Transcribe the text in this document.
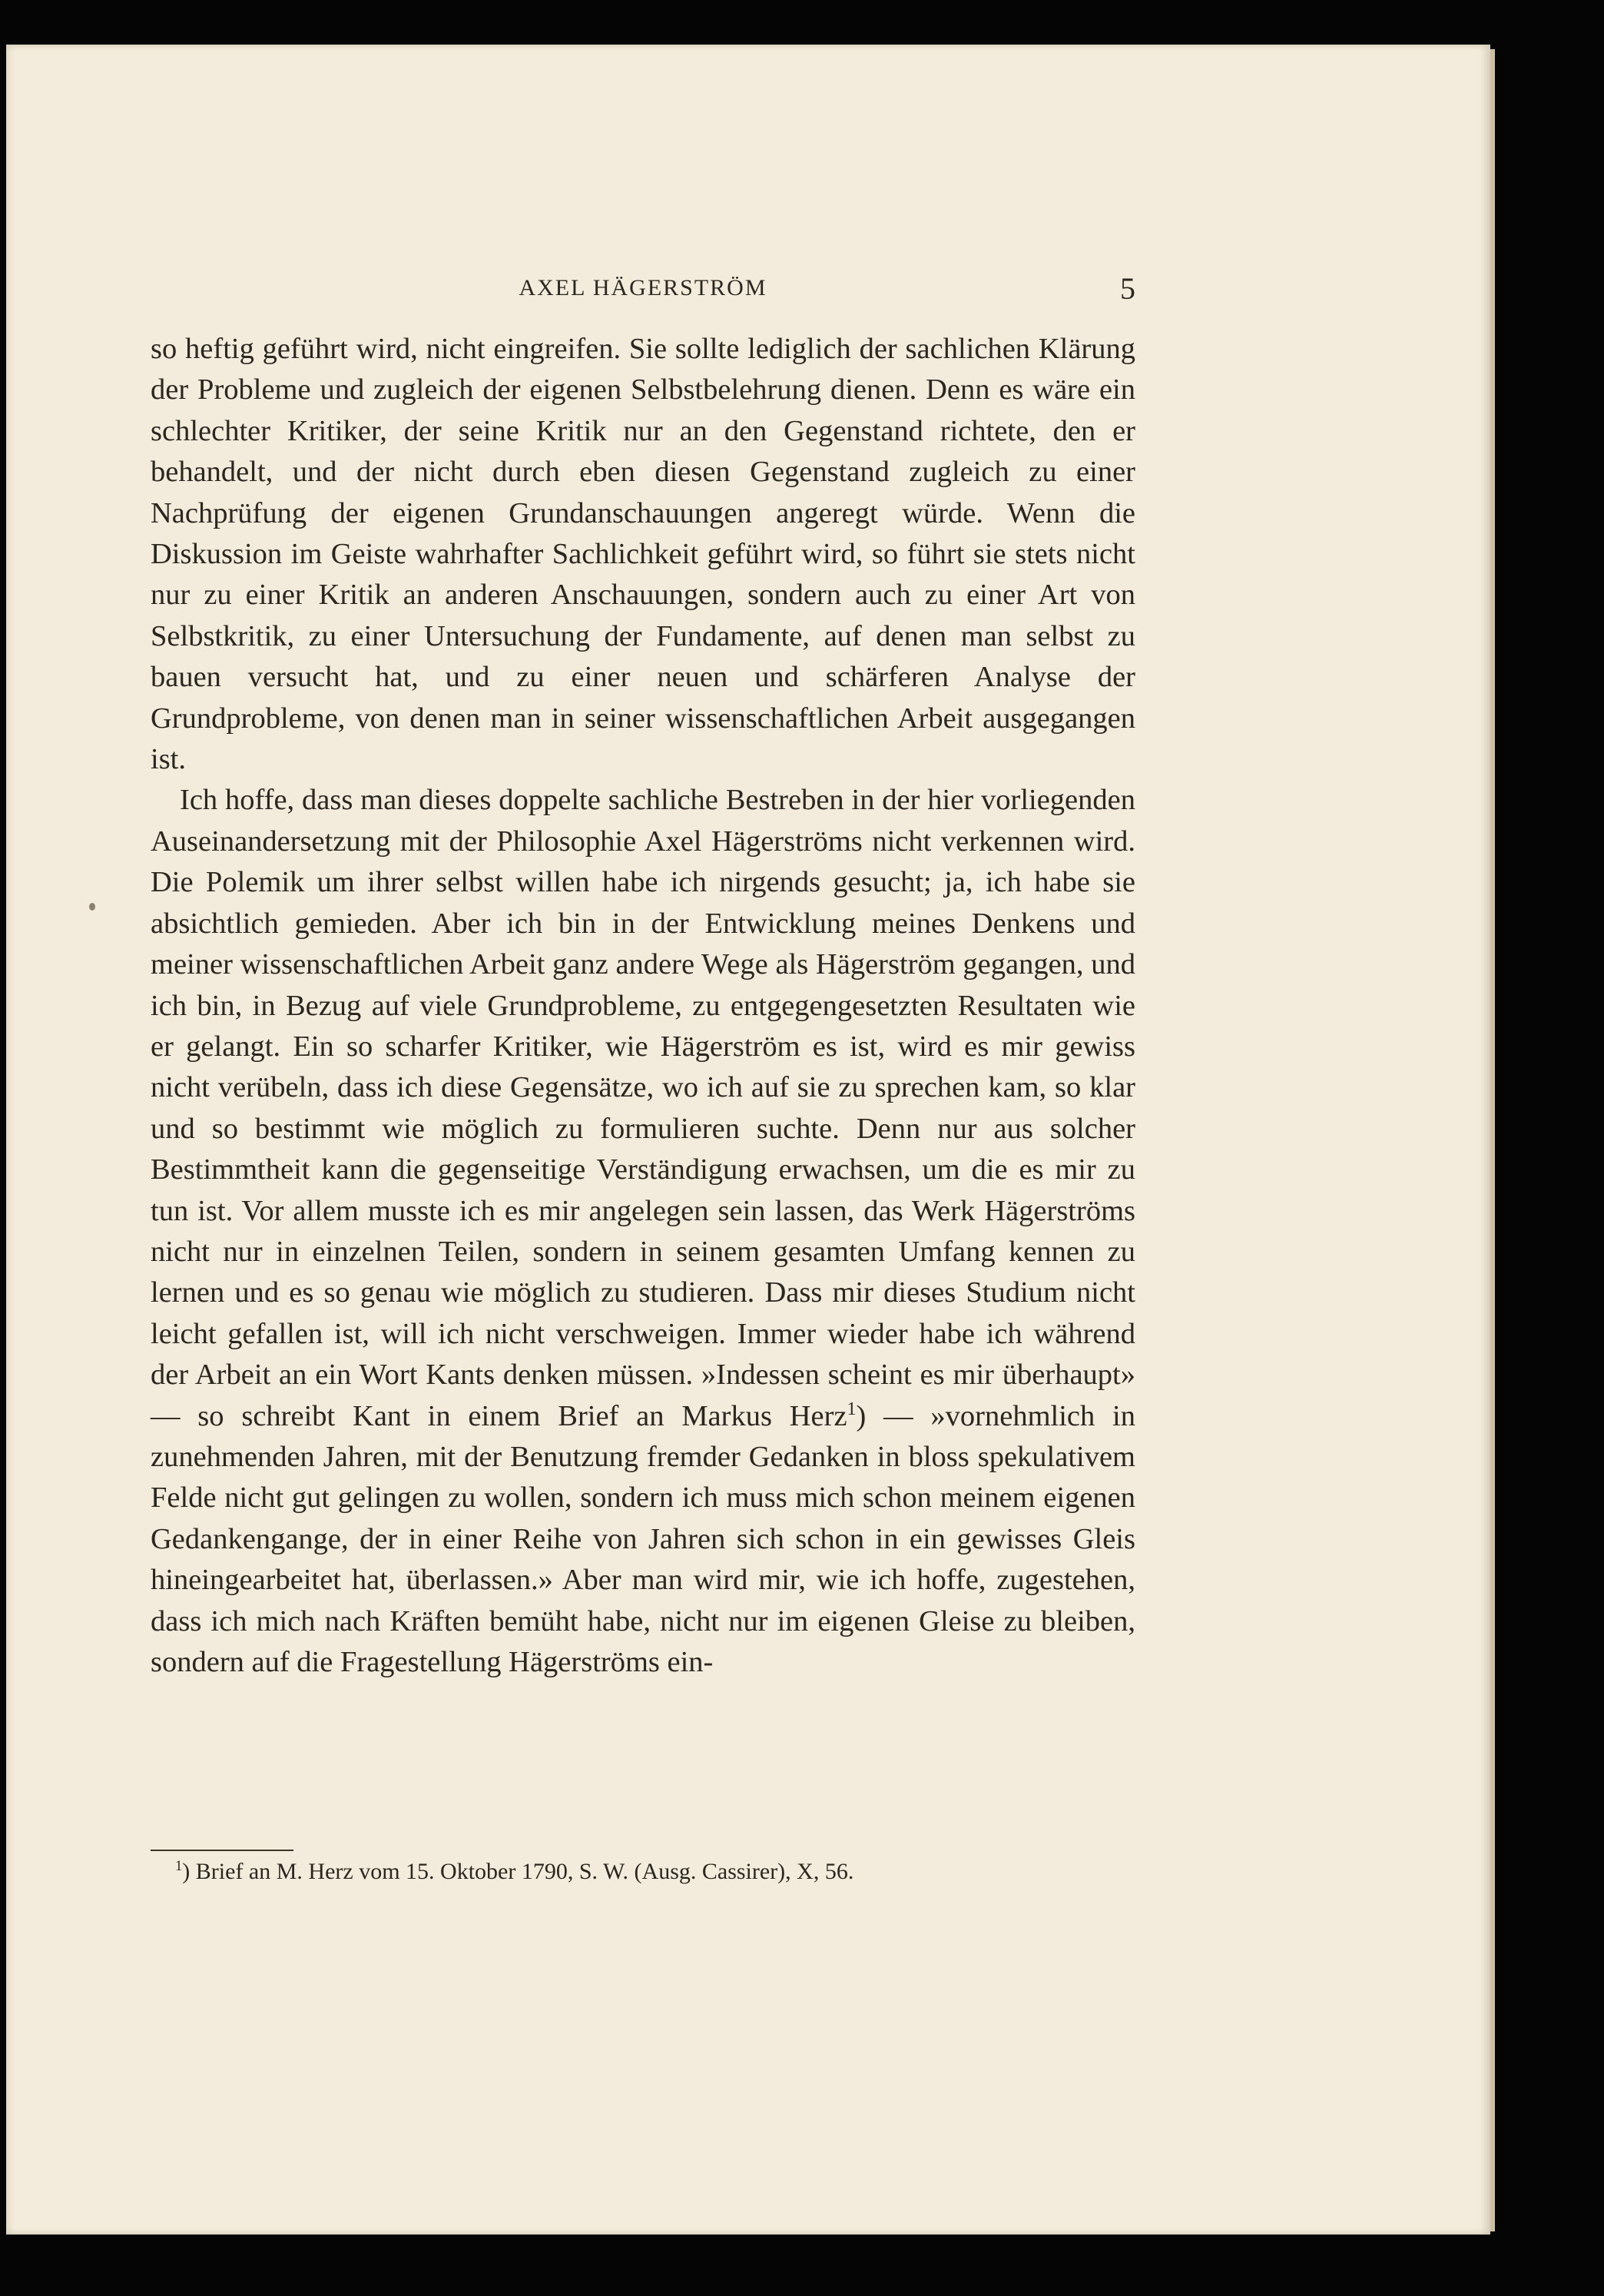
AXEL HÄGERSTRÖM	5

so heftig geführt wird, nicht eingreifen. Sie sollte lediglich der sachlichen Klärung der Probleme und zugleich der eigenen Selbstbelehrung dienen. Denn es wäre ein schlechter Kritiker, der seine Kritik nur an den Gegenstand richtete, den er behandelt, und der nicht durch eben diesen Gegenstand zugleich zu einer Nachprüfung der eigenen Grundanschauungen angeregt würde. Wenn die Diskussion im Geiste wahrhafter Sachlichkeit geführt wird, so führt sie stets nicht nur zu einer Kritik an anderen Anschauungen, sondern auch zu einer Art von Selbstkritik, zu einer Untersuchung der Fundamente, auf denen man selbst zu bauen versucht hat, und zu einer neuen und schärferen Analyse der Grundprobleme, von denen man in seiner wissenschaftlichen Arbeit ausgegangen ist.

Ich hoffe, dass man dieses doppelte sachliche Bestreben in der hier vorliegenden Auseinandersetzung mit der Philosophie Axel Hägerströms nicht verkennen wird. Die Polemik um ihrer selbst willen habe ich nirgends gesucht; ja, ich habe sie absichtlich gemieden. Aber ich bin in der Entwicklung meines Denkens und meiner wissenschaftlichen Arbeit ganz andere Wege als Hägerström gegangen, und ich bin, in Bezug auf viele Grundprobleme, zu entgegengesetzten Resultaten wie er gelangt. Ein so scharfer Kritiker, wie Hägerström es ist, wird es mir gewiss nicht verübeln, dass ich diese Gegensätze, wo ich auf sie zu sprechen kam, so klar und so bestimmt wie möglich zu formulieren suchte. Denn nur aus solcher Bestimmtheit kann die gegenseitige Verständigung erwachsen, um die es mir zu tun ist. Vor allem musste ich es mir angelegen sein lassen, das Werk Hägerströms nicht nur in einzelnen Teilen, sondern in seinem gesamten Umfang kennen zu lernen und es so genau wie möglich zu studieren. Dass mir dieses Studium nicht leicht gefallen ist, will ich nicht verschweigen. Immer wieder habe ich während der Arbeit an ein Wort Kants denken müssen. »Indessen scheint es mir überhaupt» — so schreibt Kant in einem Brief an Markus Herz$^1$) — »vornehmlich in zunehmenden Jahren, mit der Benutzung fremder Gedanken in bloss spekulativem Felde nicht gut gelingen zu wollen, sondern ich muss mich schon meinem eigenen Gedankengange, der in einer Reihe von Jahren sich schon in ein gewisses Gleis hineingearbeitet hat, überlassen.» Aber man wird mir, wie ich hoffe, zugestehen, dass ich mich nach Kräften bemüht habe, nicht nur im eigenen Gleise zu bleiben, sondern auf die Fragestellung Hägerströms ein-

$^1$) Brief an M. Herz vom 15. Oktober 1790, S. W. (Ausg. Cassirer), X, 56.
